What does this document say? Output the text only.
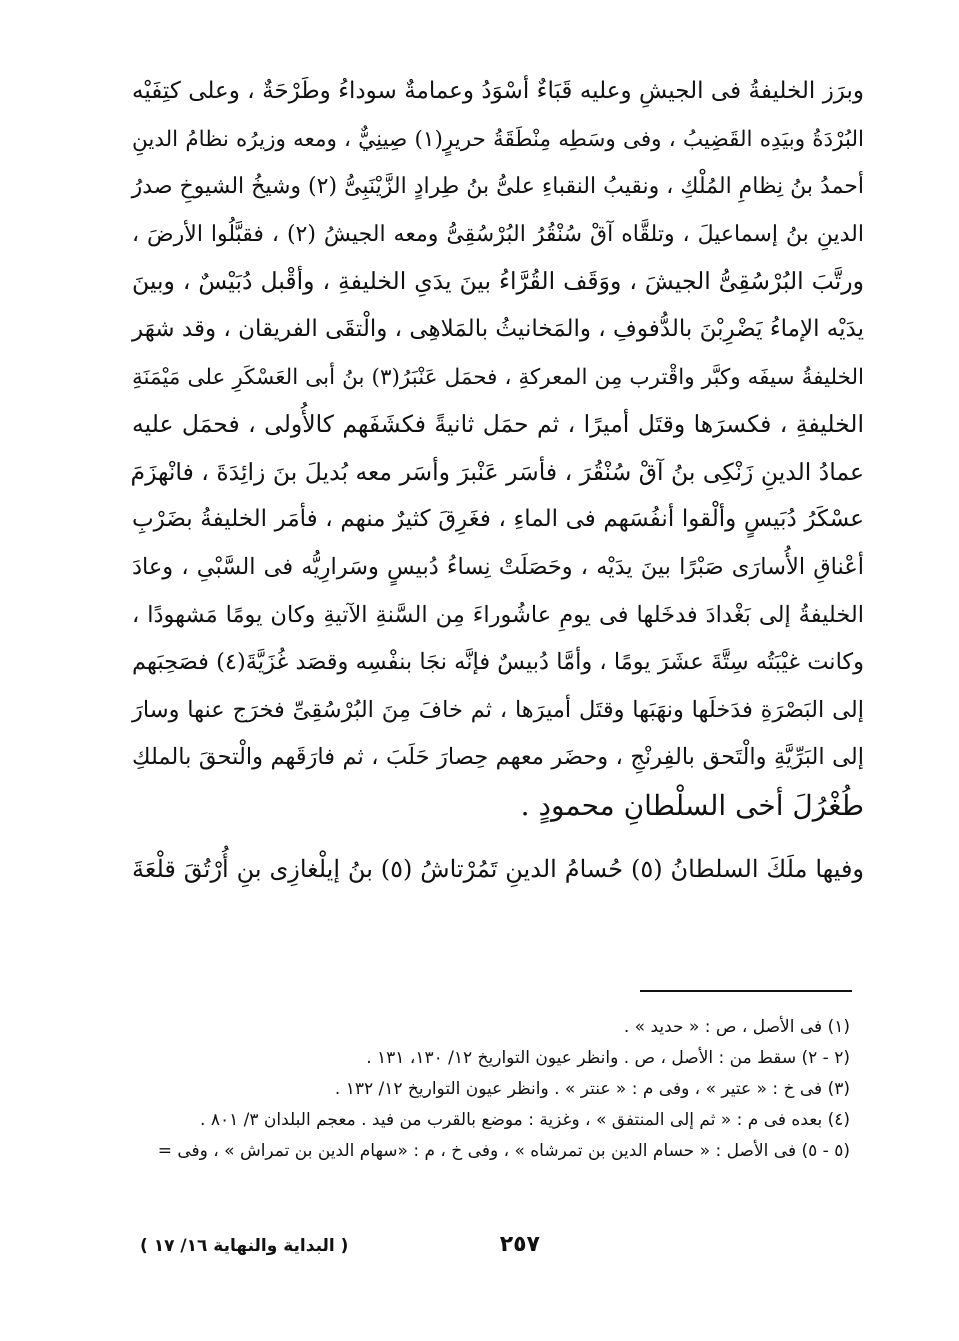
وبرَز الخليفةُ فى الجيشِ وعليه قَبَاءٌ أسْوَدُ وعمامةٌ سوداءُ وطَرْحَةٌ ، وعلى كتِفَيْه
البُرْدَةُ وبيَدِه القَضِيبُ ، وفى وسَطِه مِنْطَقَةُ حريرٍ(١) صِينِيٌّ ، ومعه وزيرُه نظامُ الدينِ
أحمدُ بنُ نِظامِ المُلْكِ ، ونقيبُ النقباءِ علىُّ بنُ طِرادٍ الزَّيْنَبِىُّ (٢) وشيخُ الشيوخِ صدرُ
الدينِ بنُ إسماعيلَ ، وتلقَّاه آقْ سُنْقُرُ البُرْسُقِىُّ ومعه الجيشُ (٢) ، فقبَّلُوا الأرضَ ،
ورتَّبَ البُرْسُقِىُّ الجيشَ ، ووَقَف القُرَّاءُ بينَ يدَىِ الخليفةِ ، وأقْبل دُبَيْسٌ ، وبينَ
يدَيْه الإماءُ يَضْرِبْنَ بالدُّفوفِ ، والمَخانيثُ بالمَلاهِى ، والْتقَى الفريقان ، وقد شهَر
الخليفةُ سيفَه وكبَّر واقْترب مِن المعركةِ ، فحمَل عَنْبَرُ(٣) بنُ أبى العَسْكَرِ على مَيْمَنَةِ
الخليفةِ ، فكسرَها وقتَل أميرًا ، ثم حمَل ثانيةً فكشَفَهم كالأُولى ، فحمَل عليه
عمادُ الدينِ زَنْكِى بنُ آقْ سُنْقُرَ ، فأسَر عَنْبرَ وأسَر معه بُديلَ بنَ زائِدَةَ ، فانْهزَمَ
عسْكَرُ دُبَيسٍ وألْقوا أنفُسَهم فى الماءِ ، فغَرِقَ كثيرٌ منهم ، فأمَر الخليفةُ بضَرْبِ
أعْناقِ الأُسارَى صَبْرًا بينَ يدَيْه ، وحَصَلَتْ نِساءُ دُبيسٍ وسَرارِيُّه فى السَّبْىِ ، وعادَ
الخليفةُ إلى بَغْدادَ فدخَلها فى يومِ عاشُوراءَ مِن السَّنةِ الآتيةِ وكان يومًا مَشهودًا ،
وكانت غيْبَتُه سِتَّةَ عشَرَ يومًا ، وأمَّا دُبيسٌ فإنَّه نجَا بنفْسِه وقصَد غُزَيَّةَ(٤) فصَحِبَهم
إلى البَصْرَةِ فدَخلَها ونهَبَها وقتَل أميرَها ، ثم خافَ مِنَ البُرْسُقِىِّ فخرَج عنها وسارَ
إلى البَرِّيَّةِ والْتَحق بالفِرنْجِ ، وحضَر معهم حِصارَ حَلَبَ ، ثم فارَقَهم والْتحقَ بالملكِ
طُغْرُلَ أخى السلْطانِ محمودٍ .
وفيها ملَكَ السلطانُ (٥) حُسامُ الدينِ تَمُرْتاشُ (٥) بنُ إيلْغازِى بنِ أُرْتُقَ قلْعَةَ
(١) فى الأصل ، ص : « حديد » .
(٢ - ٢) سقط من : الأصل ، ص . وانظر عيون التواريخ ١٢/ ١٣٠، ١٣١ .
(٣) فى خ : « عتير » ، وفى م : « عنتر » . وانظر عيون التواريخ ١٢/ ١٣٢ .
(٤) بعده فى م : « ثم إلى المنتفق » ، وغزية : موضع بالقرب من فيد . معجم البلدان ٣/ ٨٠١ .
(٥ - ٥) فى الأصل : « حسام الدين بن تمرشاه » ، وفى خ ، م : «سهام الدين بن تمراش » ، وفى =
٢٥٧
( البداية والنهاية ١٦/ ١٧ )
